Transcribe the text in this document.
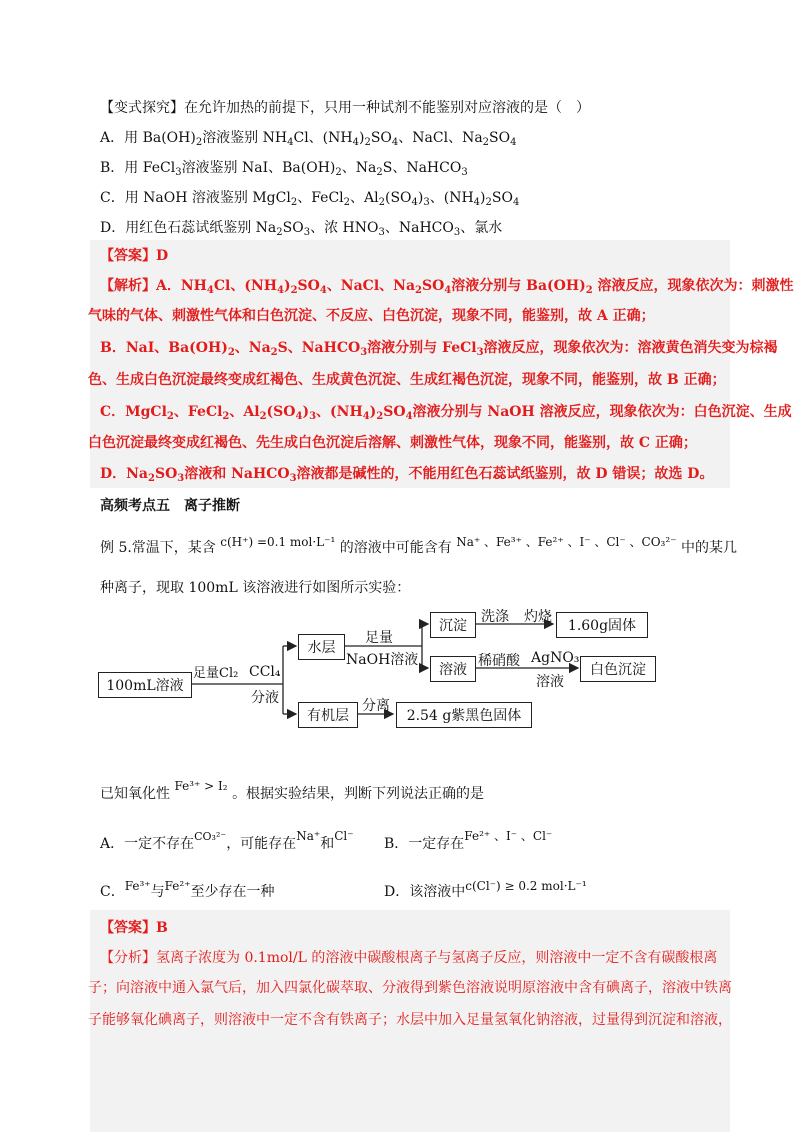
【变式探究】在允许加热的前提下，只用一种试剂不能鉴别对应溶液的是（　）
A．用 $Ba(OH)_2$溶液鉴别 $NH_4Cl$、$(NH_4)_2SO_4$、NaCl、$Na_2SO_4$
B．用 FeCl$_3$溶液鉴别 NaI、$Ba(OH)_2$、$Na_2S$、NaHCO$_3$
C．用 NaOH 溶液鉴别 MgCl$_2$、FeCl$_2$、$Al_2(SO_4)_3$、$(NH_4)_2SO_4$
D．用红色石蕊试纸鉴别 $Na_2SO_3$、浓 $HNO_3$、NaHCO$_3$、氯水
【答案】D
【解析】A．$NH_4Cl$、$(NH_4)_2SO_4$、NaCl、$Na_2SO_4$溶液分别与 $Ba(OH)_2$ 溶液反应，现象依次为：刺激性
气味的气体、刺激性气体和白色沉淀、不反应、白色沉淀，现象不同，能鉴别，故 A 正确；
B．NaI、$Ba(OH)_2$、$Na_2S$、NaHCO$_3$溶液分别与 FeCl$_3$溶液反应，现象依次为：溶液黄色消失变为棕褐
色、生成白色沉淀最终变成红褐色、生成黄色沉淀、生成红褐色沉淀，现象不同，能鉴别，故 B 正确；
C．MgCl$_2$、FeCl$_2$、$Al_2(SO_4)_3$、$(NH_4)_2SO_4$溶液分别与 NaOH 溶液反应，现象依次为：白色沉淀、生成
白色沉淀最终变成红褐色、先生成白色沉淀后溶解、刺激性气体，现象不同，能鉴别，故 C 正确；
D．$Na_2SO_3$溶液和 NaHCO$_3$溶液都是碱性的，不能用红色石蕊试纸鉴别，故 D 错误；故选 D。
高频考点五　离子推断
例 5.常温下，某含 c(H⁺) =0.1 mol·L⁻¹ 的溶液中可能含有 Na⁺ 、Fe³⁺ 、Fe²⁺ 、I⁻ 、Cl⁻ 、CO₃²⁻ 中的某几
种离子，现取 100mL 该溶液进行如图所示实验：
100mL溶液
足量Cl₂ CCl₄
分液
水层
足量
NaOH溶液
沉淀
洗涤 灼烧
1.60g固体
溶液
稀硝酸 AgNO₃
溶液
白色沉淀
有机层
分离
2.54 g紫黑色固体
已知氧化性 Fe³⁺ > I₂ 。根据实验结果，判断下列说法正确的是
A．一定不存在$^{CO_3^{2-}}$，可能存在Na⁺和Cl⁻ B．一定存在Fe²⁺ 、I⁻ 、Cl⁻
C．Fe³⁺与Fe²⁺至少存在一种	D．该溶液中c(Cl⁻) ≥ 0.2 mol·L⁻¹
【答案】B
【分析】氢离子浓度为 0.1mol/L 的溶液中碳酸根离子与氢离子反应，则溶液中一定不含有碳酸根离
子；向溶液中通入氯气后，加入四氯化碳萃取、分液得到紫色溶液说明原溶液中含有碘离子，溶液中铁离
子能够氧化碘离子，则溶液中一定不含有铁离子；水层中加入足量氢氧化钠溶液，过量得到沉淀和溶液，
